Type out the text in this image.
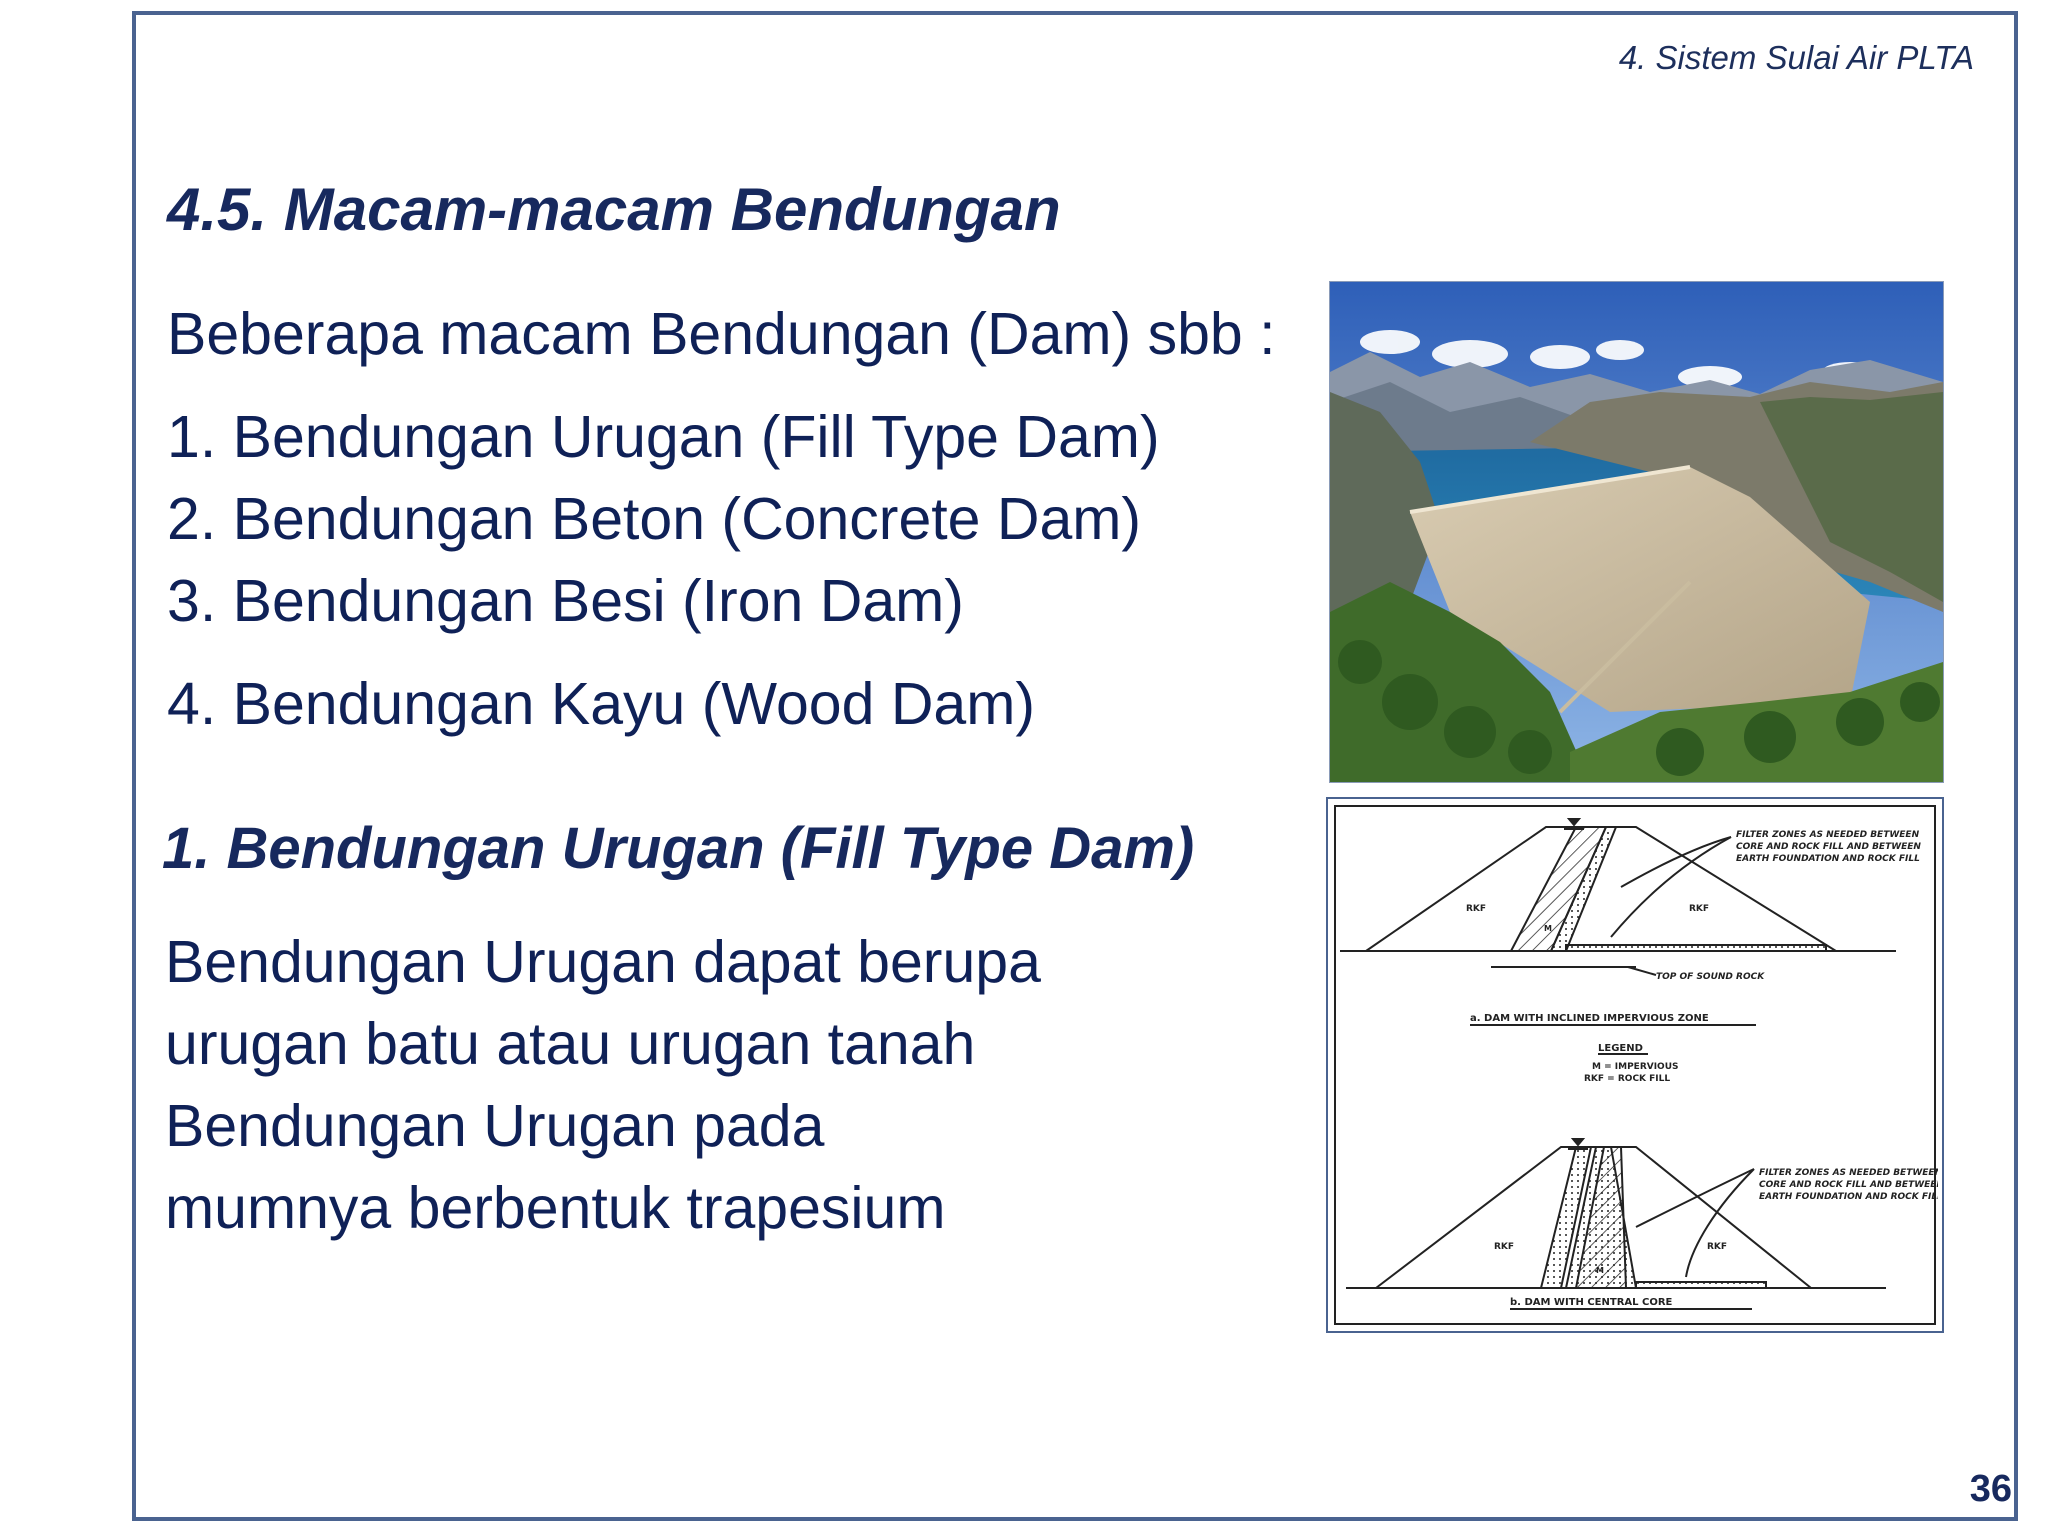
4. Sistem Sulai Air PLTA
4.5. Macam-macam Bendungan
Beberapa macam Bendungan (Dam) sbb :
1. Bendungan Urugan (Fill Type Dam)
2. Bendungan Beton (Concrete Dam)
3. Bendungan Besi (Iron Dam)
4. Bendungan Kayu (Wood Dam)
1. Bendungan Urugan (Fill Type Dam)
Bendungan Urugan dapat berupa
urugan batu atau urugan tanah
Bendungan Urugan pada
mumnya berbentuk trapesium
FILTER ZONES AS NEEDED BETWEEN
CORE AND ROCK FILL AND BETWEEN
EARTH FOUNDATION AND ROCK FILL
RKF	RKF
M
TOP OF SOUND ROCK
a. DAM WITH INCLINED IMPERVIOUS ZONE
LEGEND
M = IMPERVIOUS
RKF = ROCK FILL
FILTER ZONES AS NEEDED BETWEEN
CORE AND ROCK FILL AND BETWEEN
EARTH FOUNDATION AND ROCK FILL
RKF	RKF
M
b. DAM WITH CENTRAL CORE
36
